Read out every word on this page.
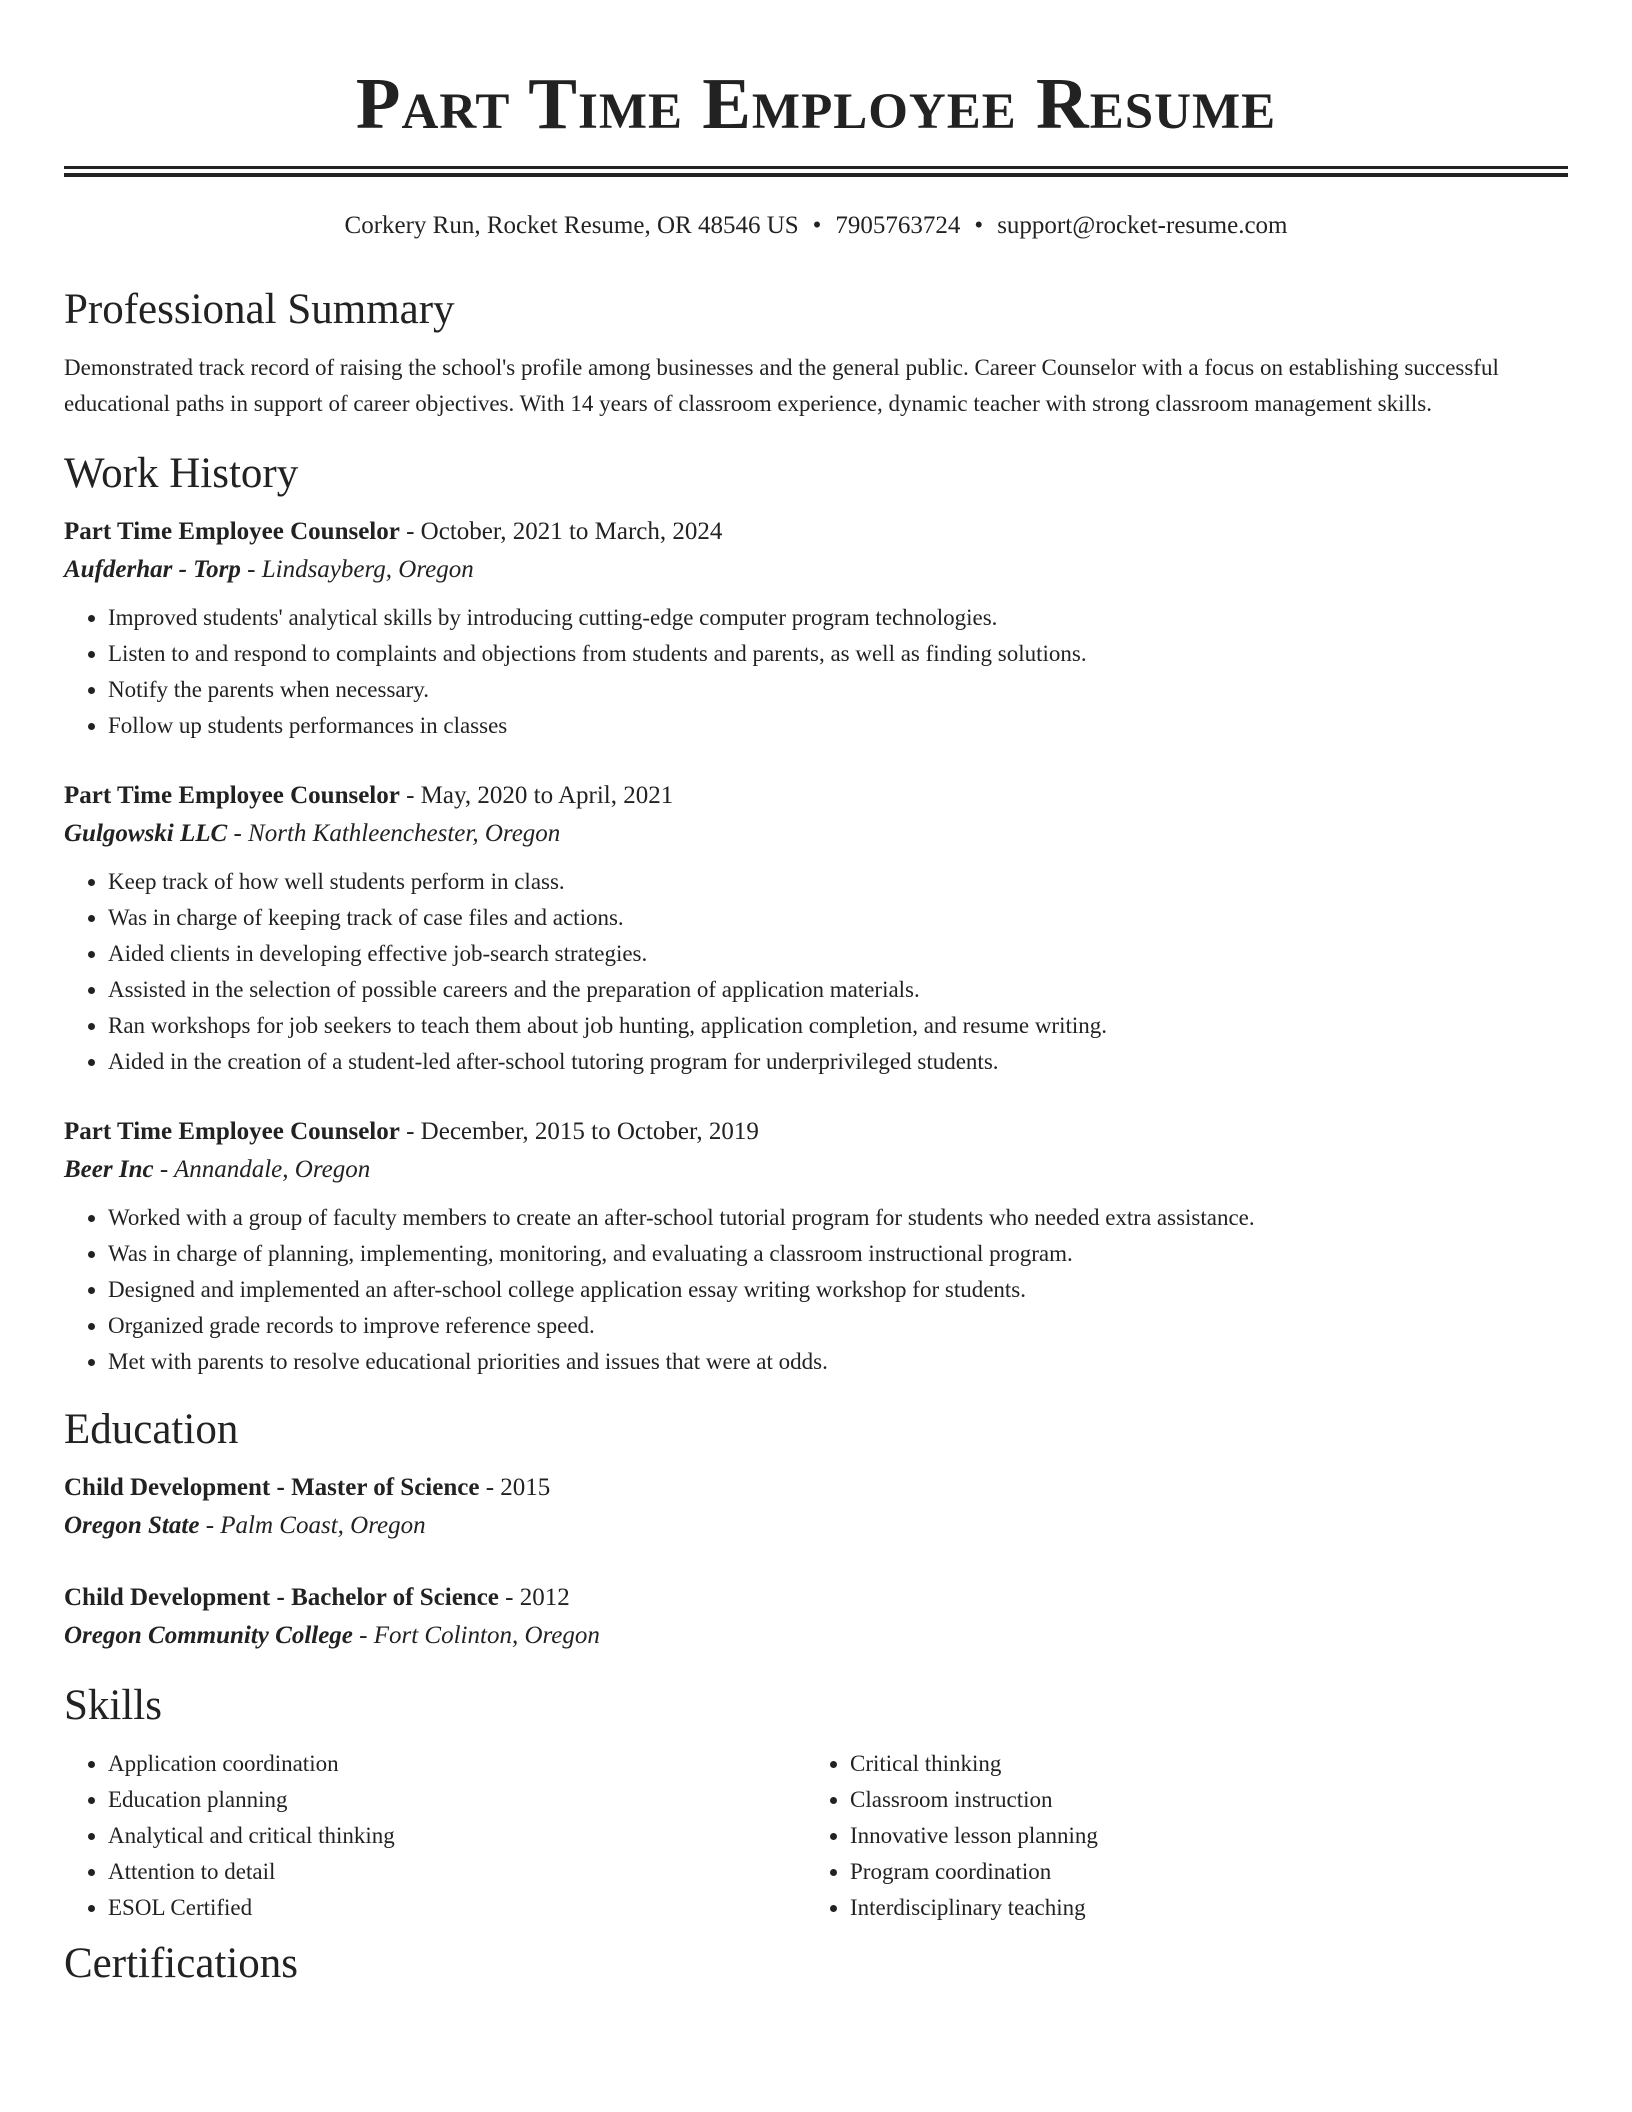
Part Time Employee Resume
Corkery Run, Rocket Resume, OR 48546 US • 7905763724 • support@rocket-resume.com
Professional Summary

Demonstrated track record of raising the school's profile among businesses and the general public. Career Counselor with a focus on establishing successful educational paths in support of career objectives. With 14 years of classroom experience, dynamic teacher with strong classroom management skills.

Work History
Part Time Employee Counselor - October, 2021 to March, 2024
Aufderhar - Torp - Lindsayberg, Oregon
• Improved students' analytical skills by introducing cutting-edge computer program technologies.
• Listen to and respond to complaints and objections from students and parents, as well as finding solutions.
• Notify the parents when necessary.
• Follow up students performances in classes
Part Time Employee Counselor - May, 2020 to April, 2021
Gulgowski LLC - North Kathleenchester, Oregon
• Keep track of how well students perform in class.
• Was in charge of keeping track of case files and actions.
• Aided clients in developing effective job-search strategies.
• Assisted in the selection of possible careers and the preparation of application materials.
• Ran workshops for job seekers to teach them about job hunting, application completion, and resume writing.
• Aided in the creation of a student-led after-school tutoring program for underprivileged students.
Part Time Employee Counselor - December, 2015 to October, 2019
Beer Inc - Annandale, Oregon
• Worked with a group of faculty members to create an after-school tutorial program for students who needed extra assistance.
• Was in charge of planning, implementing, monitoring, and evaluating a classroom instructional program.
• Designed and implemented an after-school college application essay writing workshop for students.
• Organized grade records to improve reference speed.
• Met with parents to resolve educational priorities and issues that were at odds.
Education
Child Development - Master of Science - 2015
Oregon State - Palm Coast, Oregon
Child Development - Bachelor of Science - 2012
Oregon Community College - Fort Colinton, Oregon
Skills
• Application coordination
• Education planning
• Analytical and critical thinking
• Attention to detail
• ESOL Certified
• Critical thinking
• Classroom instruction
• Innovative lesson planning
• Program coordination
• Interdisciplinary teaching
Certifications
